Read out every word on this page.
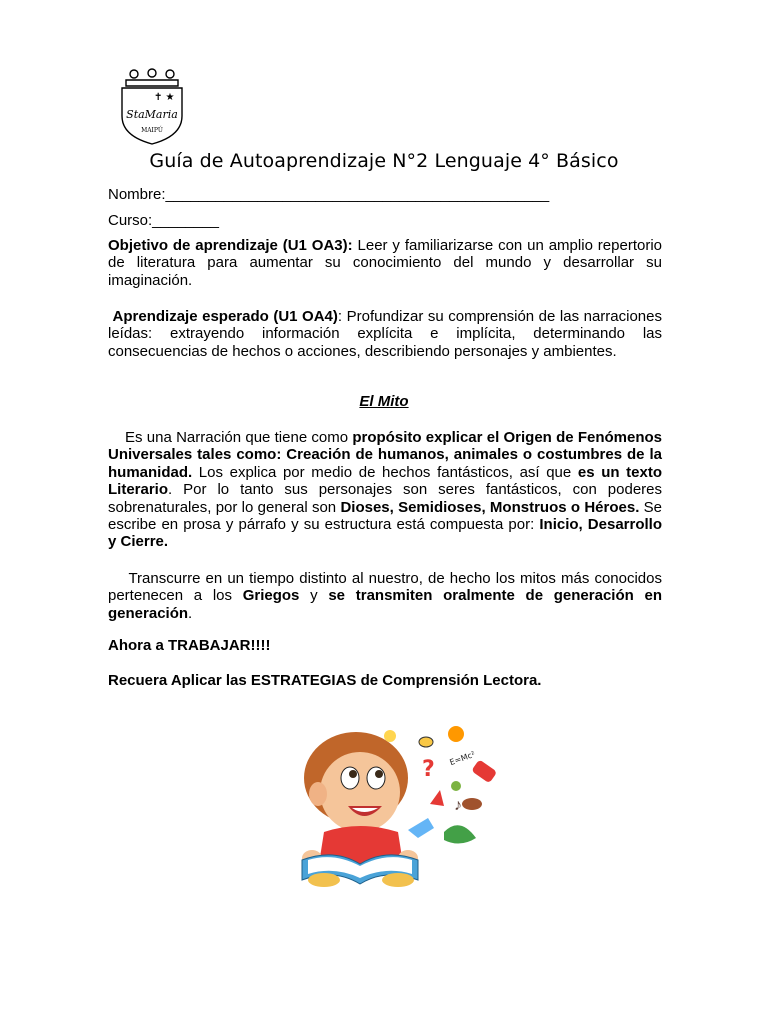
✝ ★
StaMaria
MAIPÚ
Guía de Autoaprendizaje N°2 Lenguaje 4° Básico
Nombre:______________________________________________
Curso:________
Objetivo de aprendizaje (U1 OA3): Leer y familiarizarse con un amplio repertorio de literatura para aumentar su conocimiento del mundo y desarrollar su imaginación.
Aprendizaje esperado (U1 OA4): Profundizar su comprensión de las narraciones leídas: extrayendo información explícita e implícita, determinando las consecuencias de hechos o acciones, describiendo personajes y ambientes.
El Mito
Es una Narración que tiene como propósito explicar el Origen de Fenómenos Universales tales como: Creación de humanos, animales o costumbres de la humanidad. Los explica por medio de hechos fantásticos, así que es un texto Literario. Por lo tanto sus personajes son seres fantásticos, con poderes sobrenaturales, por lo general son Dioses, Semidioses, Monstruos o Héroes. Se escribe en prosa y párrafo y su estructura está compuesta por: Inicio, Desarrollo y Cierre.
Transcurre en un tiempo distinto al nuestro, de hecho los mitos más conocidos pertenecen a los Griegos y se transmiten oralmente de generación en generación.
Ahora a TRABAJAR!!!!
Recuera Aplicar las ESTRATEGIAS de Comprensión Lectora.
? E=Mc²
♪
